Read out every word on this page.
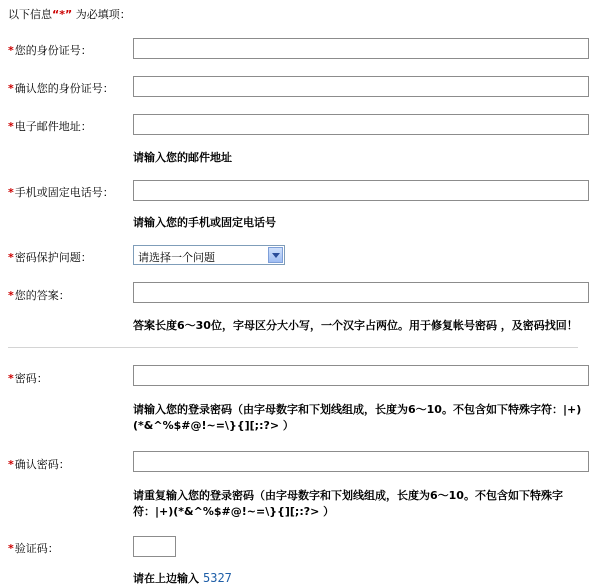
以下信息“*” 为必填项：
*您的身份证号：
*确认您的身份证号：
*电子邮件地址：
请输入您的邮件地址
*手机或固定电话号：
请输入您的手机或固定电话号
*密码保护问题：	请选择一个问题
*您的答案：
答案长度6～30位，字母区分大小写，一个汉字占两位。用于修复帐号密码 ，及密码找回！
*密码：
请输入您的登录密码（由字母数字和下划线组成，长度为6～10。不包含如下特殊字符：|+)(*&^%$#@!~=\}{][;:?> ）
*确认密码：
请重复输入您的登录密码（由字母数字和下划线组成，长度为6～10。不包含如下特殊字符：|+)(*&^%$#@!~=\}{][;:?> ）
*验证码：
请在上边输入 5327
